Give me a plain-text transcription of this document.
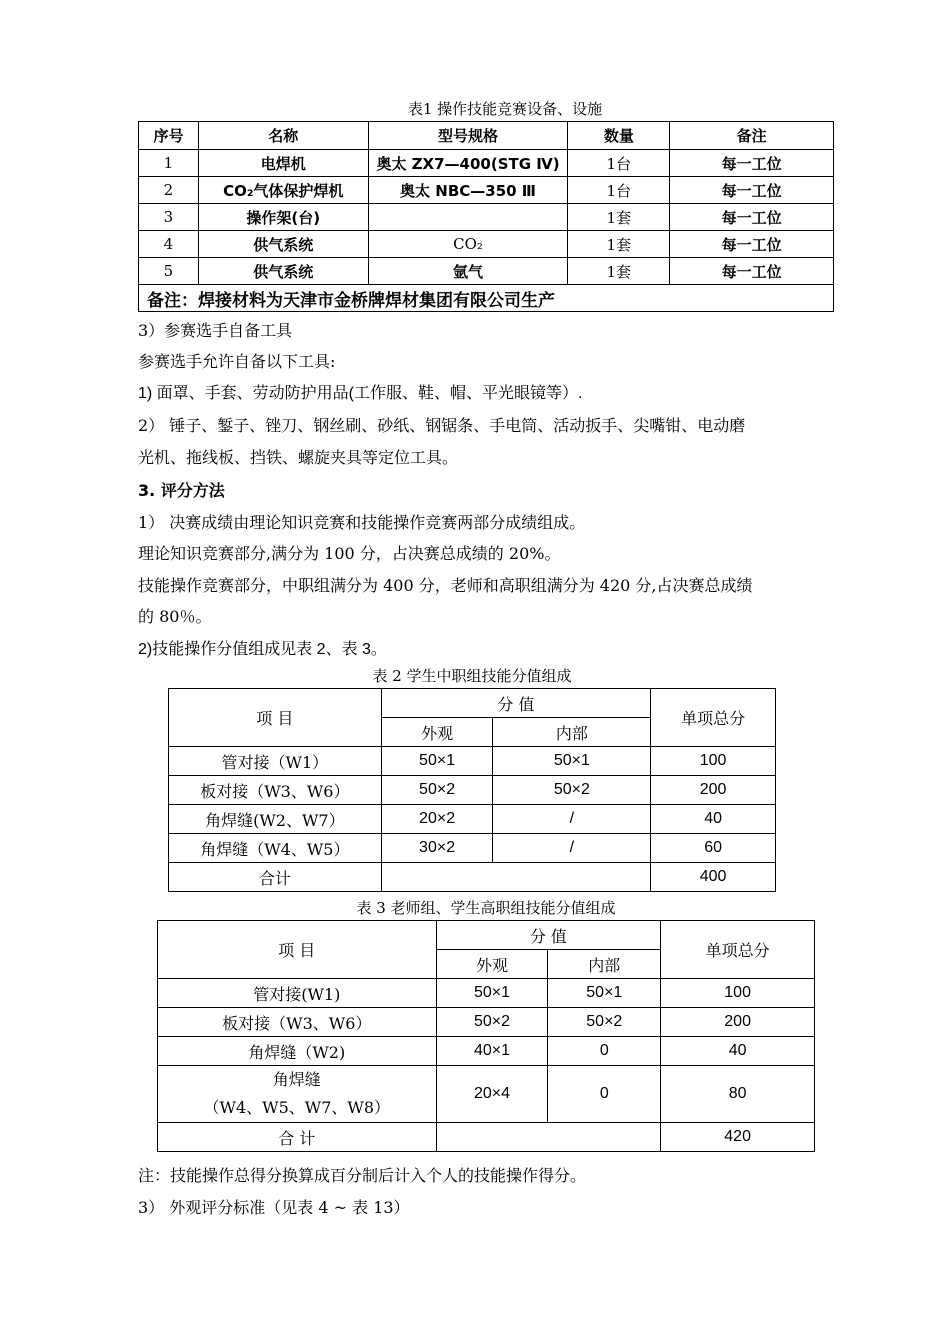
表1 操作技能竞赛设备、设施
序号	名称	型号规格	数量	备注
1	电焊机	奥太 ZX7—400(STG Ⅳ)	1台	每一工位
2	CO₂气体保护焊机	奥太 NBC—350 Ⅲ	1台	每一工位
3	操作架(台)		1套	每一工位
4	供气系统	CO₂	1套	每一工位
5	供气系统	氩气	1套	每一工位
备注：焊接材料为天津市金桥牌焊材集团有限公司生产				
3）参赛选手自备工具
参赛选手允许自备以下工具:
1) 面罩、手套、劳动防护用品(工作服、鞋、帽、平光眼镜等）.
2） 锤子、錾子、锉刀、钢丝刷、砂纸、钢锯条、手电筒、活动扳手、尖嘴钳、电动磨
光机、拖线板、挡铁、螺旋夹具等定位工具。
3. 评分方法
1） 决赛成绩由理论知识竞赛和技能操作竞赛两部分成绩组成。
理论知识竞赛部分,满分为 100 分，占决赛总成绩的 20%。
技能操作竞赛部分，中职组满分为 400 分，老师和高职组满分为 420 分,占决赛总成绩
的 80％。
2)技能操作分值组成见表 2、表 3。
表 2 学生中职组技能分值组成
项 目	分 值		单项总分
	外观	内部	
管对接（W1）	50×1	50×1	100
板对接（W3、W6）	50×2	50×2	200
角焊缝(W2、W7）	20×2	/	40
角焊缝（W4、W5）	30×2	/	60
合计			400
表 3 老师组、学生高职组技能分值组成
项 目	分 值		单项总分
	外观	内部	
管对接(W1)	50×1	50×1	100
板对接（W3、W6）	50×2	50×2	200
角焊缝（W2)	40×1	0	40

角焊缝
（W4、W5、W7、W8）	20×4	0	80
合 计			420
注：技能操作总得分换算成百分制后计入个人的技能操作得分。
3） 外观评分标准（见表 4 ~ 表 13）
